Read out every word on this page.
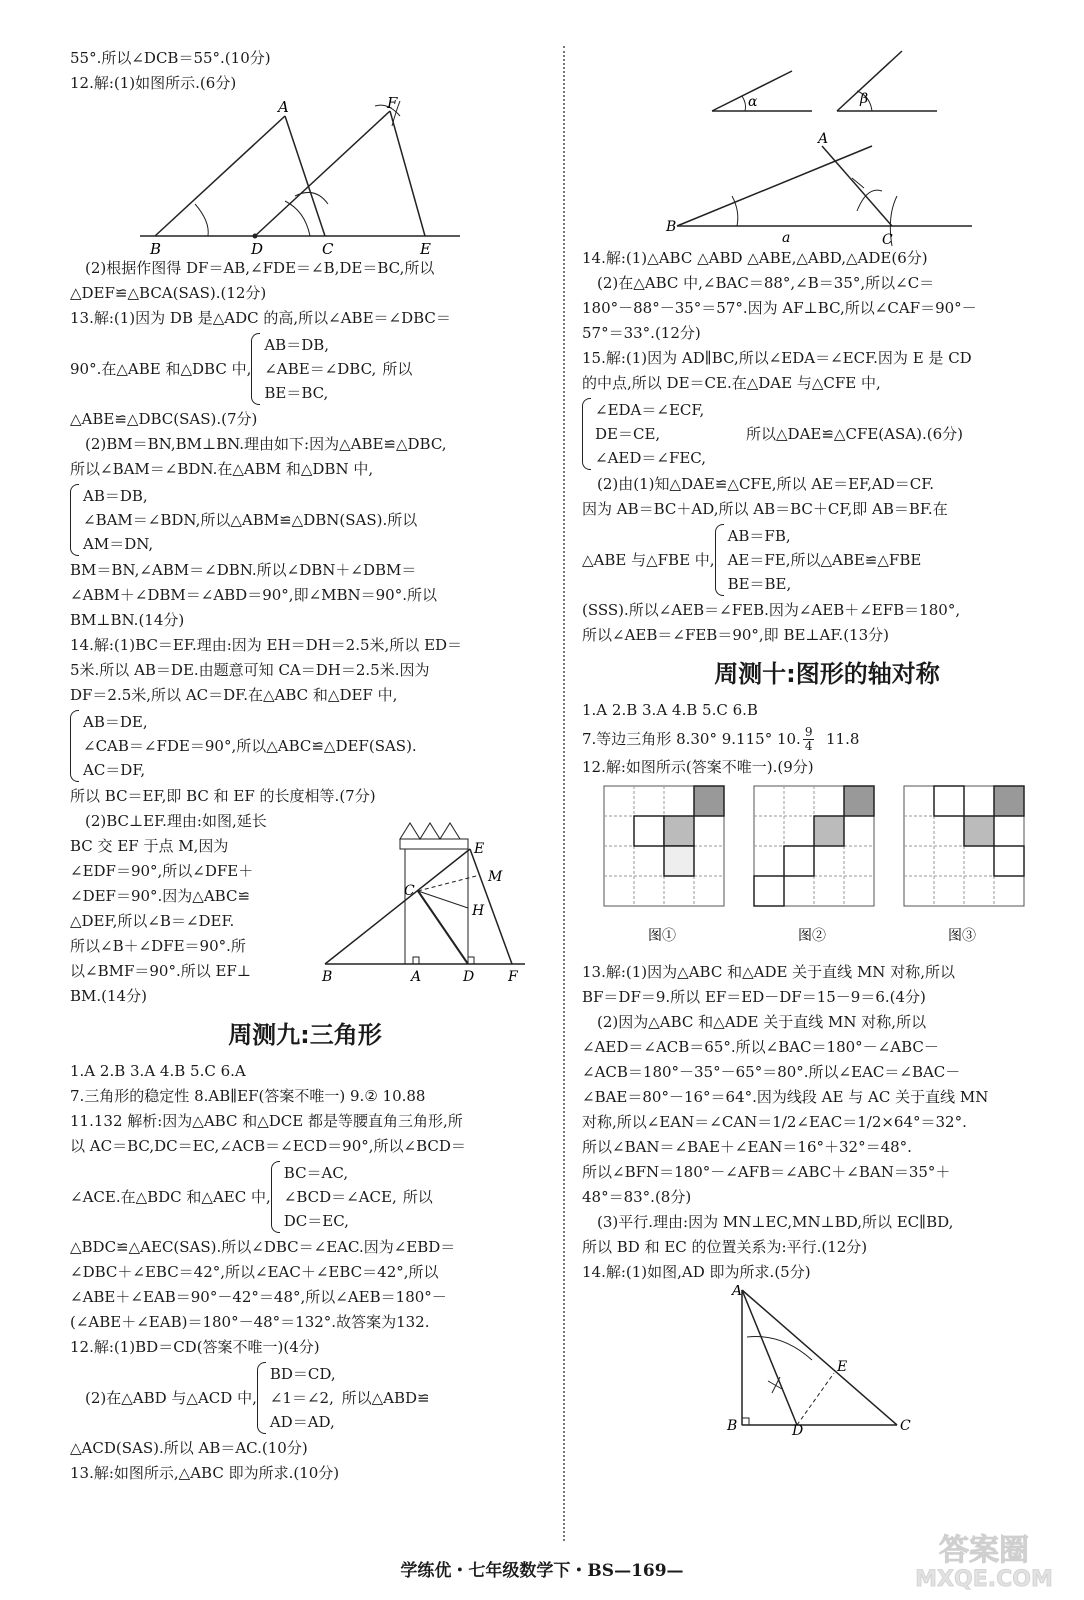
55°.所以∠DCB＝55°.(10分)
12.解:(1)如图所示.(6分)
A	F
B	D	C	E
(2)根据作图得 DF＝AB,∠FDE＝∠B,DE＝BC,所以
△DEF≌△BCA(SAS).(12分)
13.解:(1)因为 DB 是△ADC 的高,所以∠ABE＝∠DBC＝
90°.在△ABE 和△DBC 中,
AB＝DB,
∠ABE＝∠DBC,
BE＝BC,
所以
△ABE≌△DBC(SAS).(7分)
(2)BM＝BN,BM⊥BN.理由如下:因为△ABE≌△DBC,
所以∠BAM＝∠BDN.在△ABM 和△DBN 中,
AB＝DB,
∠BAM＝∠BDN,所以△ABM≌△DBN(SAS).所以
AM＝DN,
BM＝BN,∠ABM＝∠DBN.所以∠DBN＋∠DBM＝
∠ABM＋∠DBM＝∠ABD＝90°,即∠MBN＝90°.所以
BM⊥BN.(14分)
14.解:(1)BC＝EF.理由:因为 EH＝DH＝2.5米,所以 ED＝
5米.所以 AB＝DE.由题意可知 CA＝DH＝2.5米.因为
DF＝2.5米,所以 AC＝DF.在△ABC 和△DEF 中,
AB＝DE,
∠CAB＝∠FDE＝90°,所以△ABC≌△DEF(SAS).
AC＝DF,
所以 BC＝EF,即 BC 和 EF 的长度相等.(7分)
(2)BC⊥EF.理由:如图,延长
BC 交 EF 于点 M,因为
∠EDF＝90°,所以∠DFE＋
∠DEF＝90°.因为△ABC≌
△DEF,所以∠B＝∠DEF.
所以∠B＋∠DFE＝90°.所
以∠BMF＝90°.所以 EF⊥
E
M
C
H
B	A	D F
BM.(14分)
周测九:三角形
1.A 2.B 3.A 4.B 5.C 6.A
7.三角形的稳定性 8.AB∥EF(答案不唯一) 9.② 10.88
11.132 解析:因为△ABC 和△DCE 都是等腰直角三角形,所
以 AC＝BC,DC＝EC,∠ACB＝∠ECD＝90°,所以∠BCD＝
∠ACE.在△BDC 和△AEC 中,
BC＝AC,
∠BCD＝∠ACE,
DC＝EC,
所以
△BDC≌△AEC(SAS).所以∠DBC＝∠EAC.因为∠EBD＝
∠DBC＋∠EBC＝42°,所以∠EAC＋∠EBC＝42°,所以
∠ABE＋∠EAB＝90°－42°＝48°,所以∠AEB＝180°－
(∠ABE＋∠EAB)＝180°－48°＝132°.故答案为132.
12.解:(1)BD＝CD(答案不唯一)(4分)
(2)在△ABD 与△ACD 中,
BD＝CD,
∠1＝∠2,
AD＝AD,
所以△ABD≌
△ACD(SAS).所以 AB＝AC.(10分)
13.解:如图所示,△ABC 即为所求.(10分)
α	β
A
B
a	C
14.解:(1)△ABC △ABD △ABE,△ABD,△ADE(6分)
(2)在△ABC 中,∠BAC＝88°,∠B＝35°,所以∠C＝
180°－88°－35°＝57°.因为 AF⊥BC,所以∠CAF＝90°－
57°＝33°.(12分)
15.解:(1)因为 AD∥BC,所以∠EDA＝∠ECF.因为 E 是 CD
的中点,所以 DE＝CE.在△DAE 与△CFE 中,
∠EDA＝∠ECF,
DE＝CE,
∠AED＝∠FEC,
所以△DAE≌△CFE(ASA).(6分)
(2)由(1)知△DAE≌△CFE,所以 AE＝EF,AD＝CF.
因为 AB＝BC＋AD,所以 AB＝BC＋CF,即 AB＝BF.在
△ABE 与△FBE 中,
AB＝FB,
AE＝FE,所以△ABE≌△FBE
BE＝BE,
(SSS).所以∠AEB＝∠FEB.因为∠AEB＋∠EFB＝180°,
所以∠AEB＝∠FEB＝90°,即 BE⊥AF.(13分)
周测十:图形的轴对称
1.A 2.B 3.A 4.B 5.C 6.B
7.等边三角形 8.30° 9.115° 10. 9
4 11.8
12.解:如图所示(答案不唯一).(9分)
图①	图②	图③
13.解:(1)因为△ABC 和△ADE 关于直线 MN 对称,所以
BF＝DF＝9.所以 EF＝ED－DF＝15－9＝6.(4分)
(2)因为△ABC 和△ADE 关于直线 MN 对称,所以
∠AED＝∠ACB＝65°.所以∠BAC＝180°－∠ABC－
∠ACB＝180°－35°－65°＝80°.所以∠EAC＝∠BAC－
∠BAE＝80°－16°＝64°.因为线段 AE 与 AC 关于直线 MN
对称,所以∠EAN＝∠CAN＝1/2∠EAC＝1/2×64°＝32°.
所以∠BAN＝∠BAE＋∠EAN＝16°＋32°＝48°.
所以∠BFN＝180°－∠AFB＝∠ABC＋∠BAN＝35°＋
48°＝83°.(8分)
(3)平行.理由:因为 MN⊥EC,MN⊥BD,所以 EC∥BD,
所以 BD 和 EC 的位置关系为:平行.(12分)
14.解:(1)如图,AD 即为所求.(5分)
A
E
B	D	C
学练优・七年级数学下・BS—169—
答案圈
MXQE.COM
